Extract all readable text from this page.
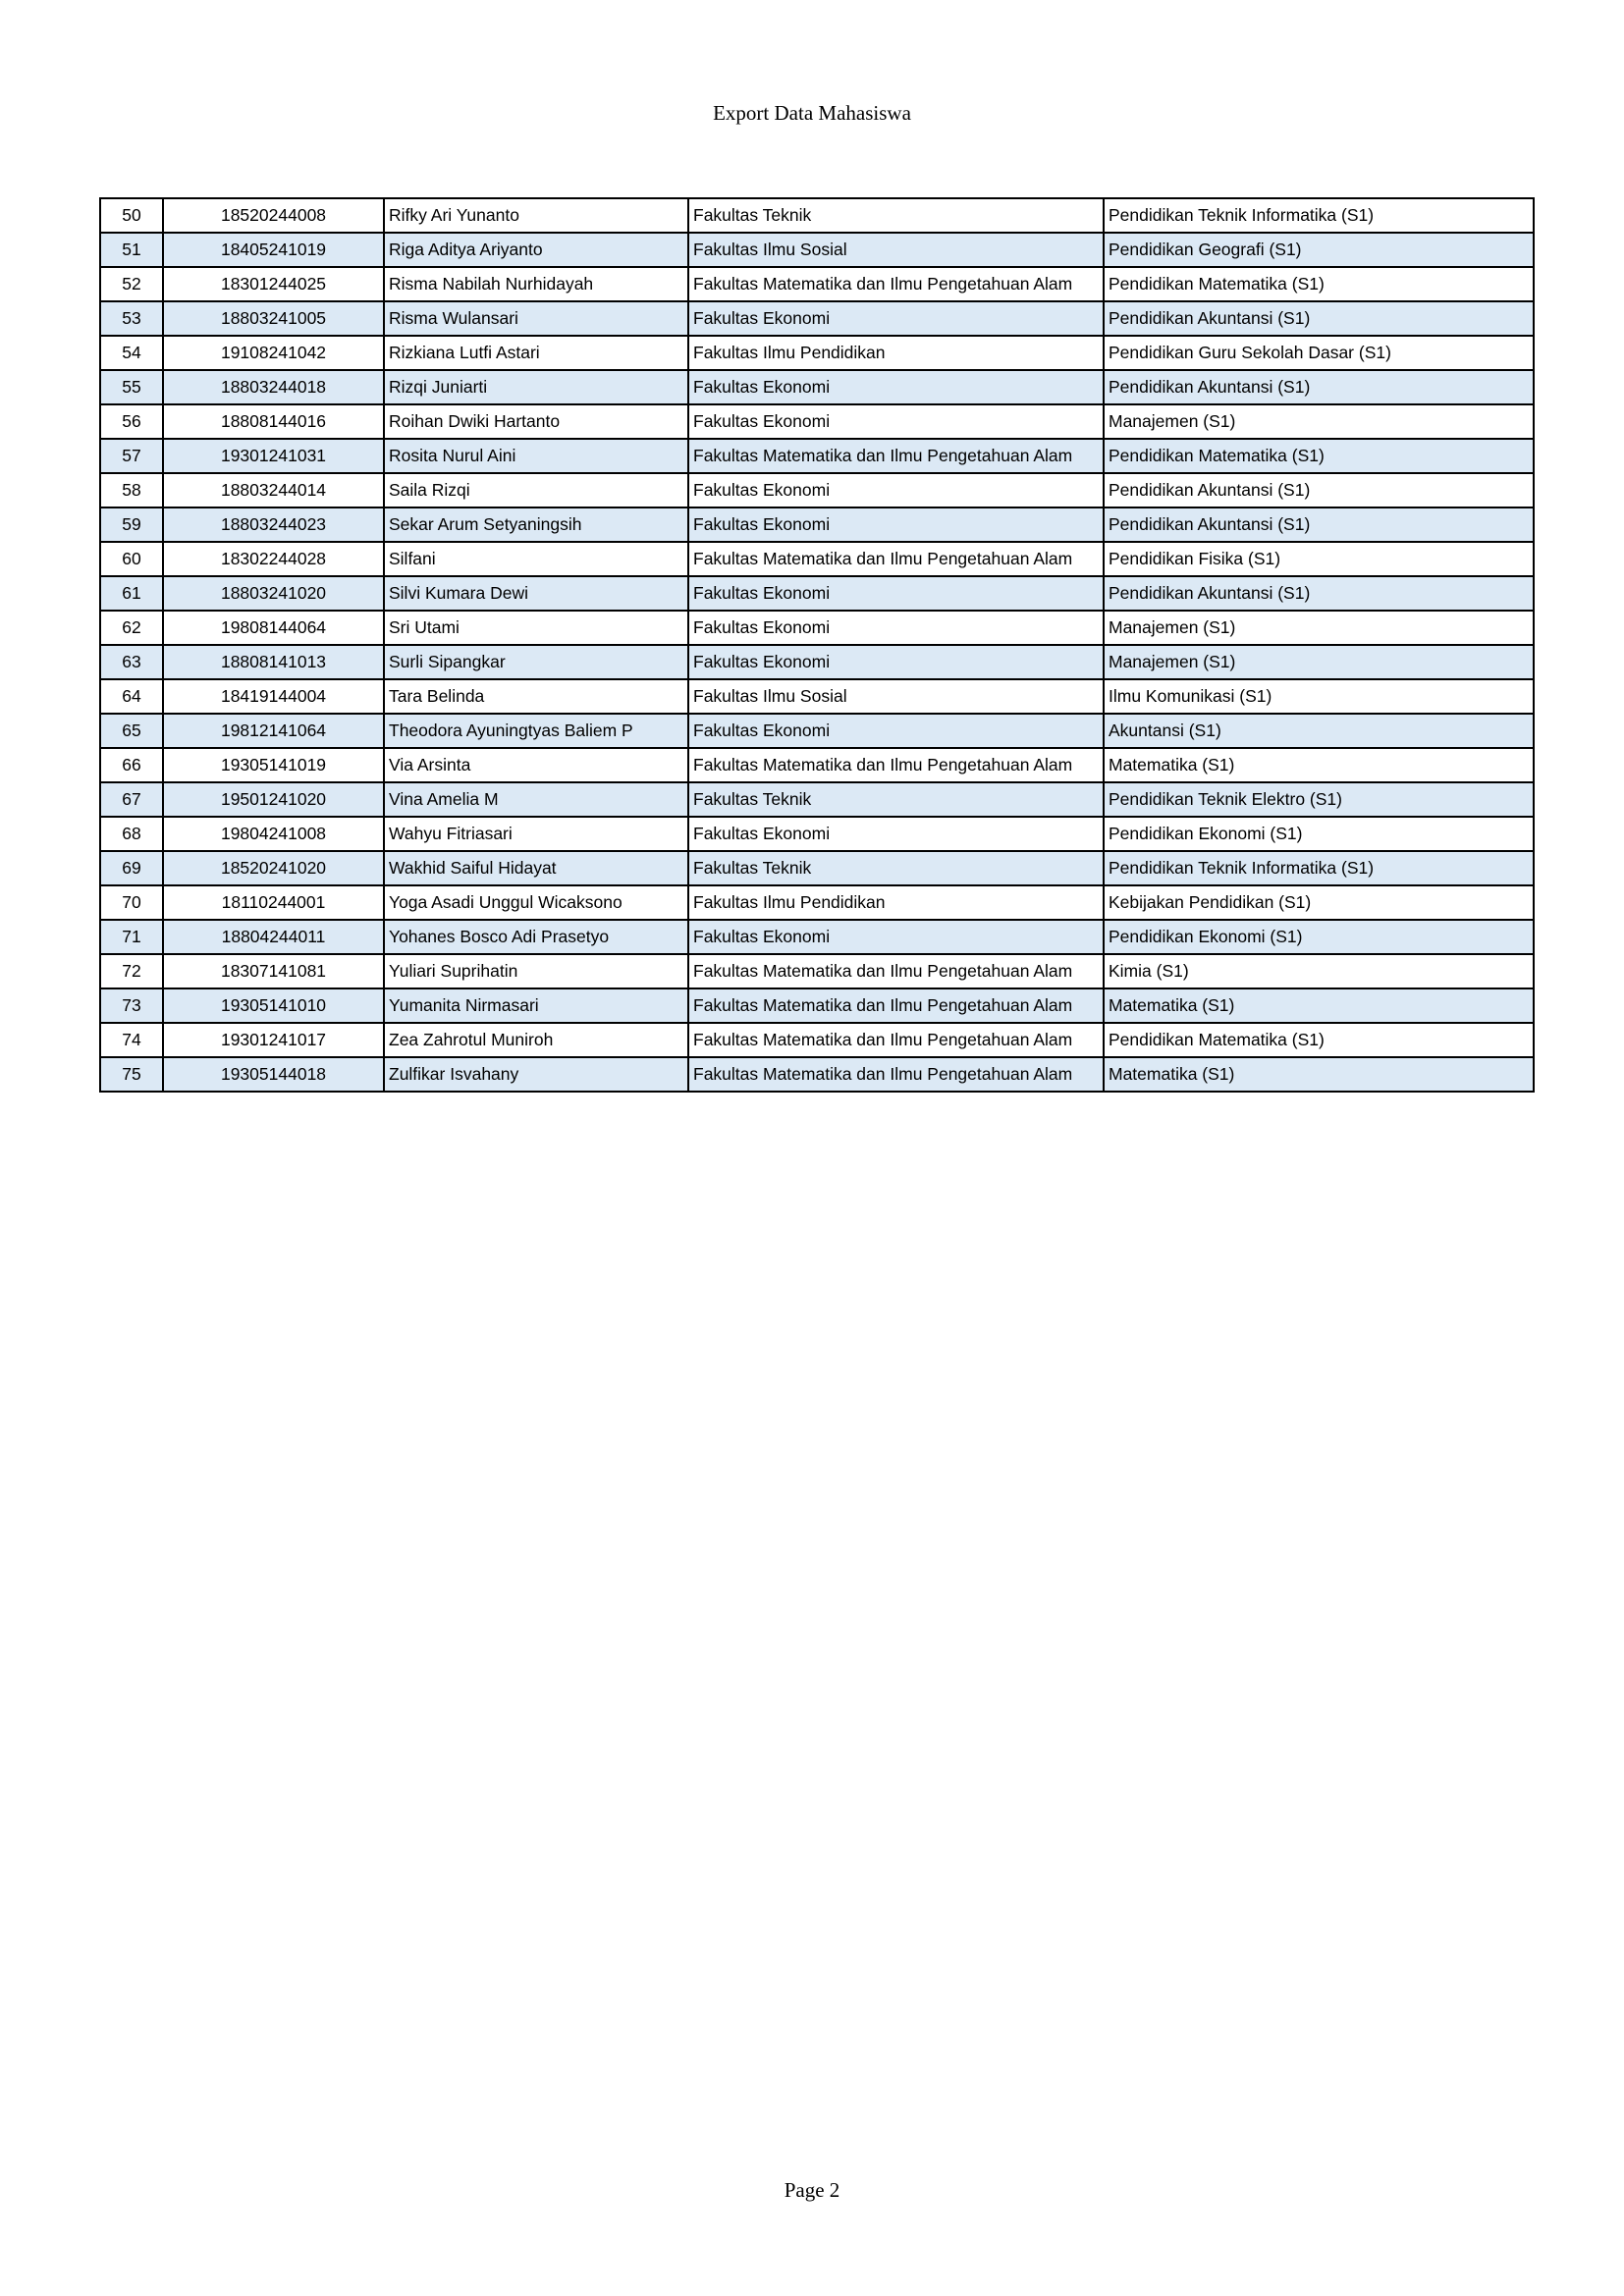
Export Data Mahasiswa
50	18520244008	Rifky Ari Yunanto	Fakultas Teknik	Pendidikan Teknik Informatika (S1)
51	18405241019	Riga Aditya Ariyanto	Fakultas Ilmu Sosial	Pendidikan Geografi (S1)
52	18301244025	Risma Nabilah Nurhidayah	Fakultas Matematika dan Ilmu Pengetahuan Alam	Pendidikan Matematika (S1)
53	18803241005	Risma Wulansari	Fakultas Ekonomi	Pendidikan Akuntansi (S1)
54	19108241042	Rizkiana Lutfi Astari	Fakultas Ilmu Pendidikan	Pendidikan Guru Sekolah Dasar (S1)
55	18803244018	Rizqi Juniarti	Fakultas Ekonomi	Pendidikan Akuntansi (S1)
56	18808144016	Roihan Dwiki Hartanto	Fakultas Ekonomi	Manajemen (S1)
57	19301241031	Rosita Nurul Aini	Fakultas Matematika dan Ilmu Pengetahuan Alam	Pendidikan Matematika (S1)
58	18803244014	Saila Rizqi	Fakultas Ekonomi	Pendidikan Akuntansi (S1)
59	18803244023	Sekar Arum Setyaningsih	Fakultas Ekonomi	Pendidikan Akuntansi (S1)
60	18302244028	Silfani	Fakultas Matematika dan Ilmu Pengetahuan Alam	Pendidikan Fisika (S1)
61	18803241020	Silvi Kumara Dewi	Fakultas Ekonomi	Pendidikan Akuntansi (S1)
62	19808144064	Sri Utami	Fakultas Ekonomi	Manajemen (S1)
63	18808141013	Surli Sipangkar	Fakultas Ekonomi	Manajemen (S1)
64	18419144004	Tara Belinda	Fakultas Ilmu Sosial	Ilmu Komunikasi (S1)
65	19812141064	Theodora Ayuningtyas Baliem P	Fakultas Ekonomi	Akuntansi (S1)
66	19305141019	Via Arsinta	Fakultas Matematika dan Ilmu Pengetahuan Alam	Matematika (S1)
67	19501241020	Vina Amelia M	Fakultas Teknik	Pendidikan Teknik Elektro (S1)
68	19804241008	Wahyu Fitriasari	Fakultas Ekonomi	Pendidikan Ekonomi (S1)
69	18520241020	Wakhid Saiful Hidayat	Fakultas Teknik	Pendidikan Teknik Informatika (S1)
70	18110244001	Yoga Asadi Unggul Wicaksono	Fakultas Ilmu Pendidikan	Kebijakan Pendidikan (S1)
71	18804244011	Yohanes Bosco Adi Prasetyo	Fakultas Ekonomi	Pendidikan Ekonomi (S1)
72	18307141081	Yuliari Suprihatin	Fakultas Matematika dan Ilmu Pengetahuan Alam	Kimia (S1)
73	19305141010	Yumanita Nirmasari	Fakultas Matematika dan Ilmu Pengetahuan Alam	Matematika (S1)
74	19301241017	Zea Zahrotul Muniroh	Fakultas Matematika dan Ilmu Pengetahuan Alam	Pendidikan Matematika (S1)
75	19305144018	Zulfikar Isvahany	Fakultas Matematika dan Ilmu Pengetahuan Alam	Matematika (S1)
Page 2
